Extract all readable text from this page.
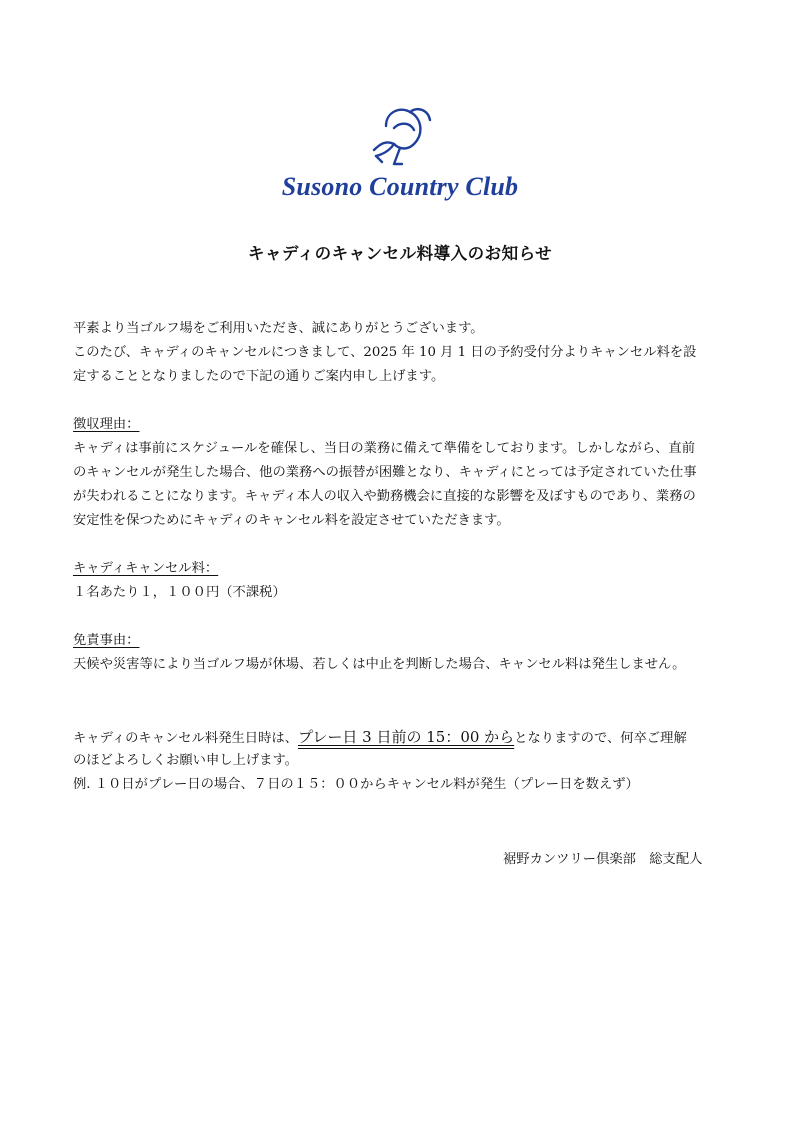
Susono Country Club
キャディのキャンセル料導入のお知らせ
平素より当ゴルフ場をご利用いただき、誠にありがとうございます。
このたび、キャディのキャンセルにつきまして、2025 年 10 月 1 日の予約受付分よりキャンセル料を設
定することとなりましたので下記の通りご案内申し上げます。
徴収理由：
キャディは事前にスケジュールを確保し、当日の業務に備えて準備をしております。しかしながら、直前
のキャンセルが発生した場合、他の業務への振替が困難となり、キャディにとっては予定されていた仕事
が失われることになります。キャディ本人の収入や勤務機会に直接的な影響を及ぼすものであり、業務の
安定性を保つためにキャディのキャンセル料を設定させていただきます。
キャディキャンセル料：
１名あたり１，１００円（不課税）
免責事由：
天候や災害等により当ゴルフ場が休場、若しくは中止を判断した場合、キャンセル料は発生しません。
キャディのキャンセル料発生日時は、プレー日 3 日前の 15：00 からとなりますので、何卒ご理解
のほどよろしくお願い申し上げます。
例. １０日がプレー日の場合、７日の１５：００からキャンセル料が発生（プレー日を数えず）
裾野カンツリー倶楽部　総支配人
